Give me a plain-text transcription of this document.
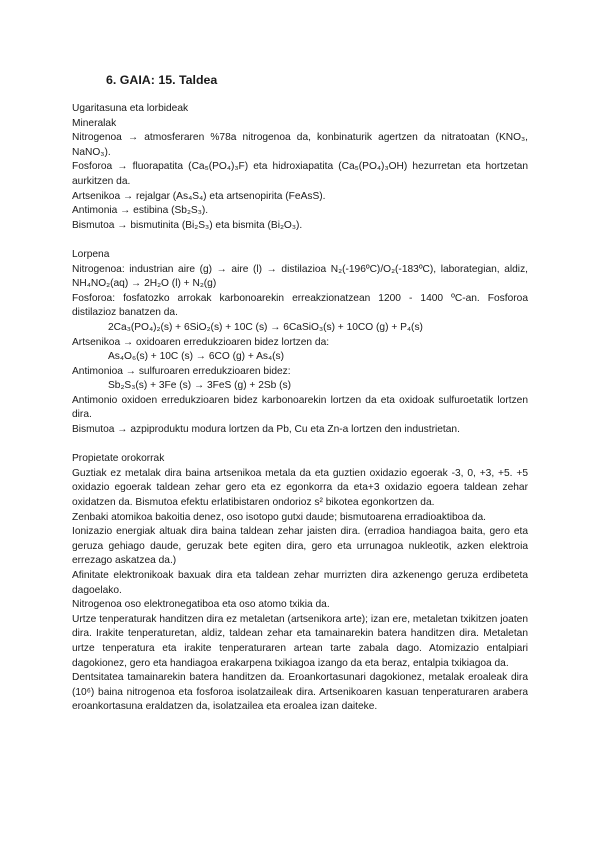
6. GAIA: 15. Taldea

Ugaritasuna eta lorbideak

Mineralak

Nitrogenoa → atmosferaren %78a nitrogenoa da, konbinaturik agertzen da nitratoatan (KNO₃, NaNO₃).

Fosforoa → fluorapatita (Ca₅(PO₄)₃F) eta hidroxiapatita (Ca₅(PO₄)₃OH) hezurretan eta hortzetan aurkitzen da.

Artsenikoa → rejalgar (As₄S₄) eta artsenopirita (FeAsS).

Antimonia → estibina (Sb₂S₃).

Bismutoa → bismutinita (Bi₂S₃) eta bismita (Bi₂O₃).

Lorpena

Nitrogenoa: industrian aire (g) → aire (l) → distilazioa N₂(-196ºC)/O₂(-183ºC), laborategian, aldiz, NH₄NO₂(aq) → 2H₂O (l) + N₂(g)

Fosforoa: fosfatozko arrokak karbonoarekin erreakzionatzean 1200 - 1400 ºC-an. Fosforoa distilazioz banatzen da.

2Ca₃(PO₄)₂(s) + 6SiO₂(s) + 10C (s) → 6CaSiO₃(s) + 10CO (g) + P₄(s)

Artsenikoa → oxidoaren erredukzioaren bidez lortzen da:

As₄O₆(s) + 10C (s) → 6CO (g) + As₄(s)

Antimonioa → sulfuroaren erredukzioaren bidez:

Sb₂S₃(s) + 3Fe (s) → 3FeS (g) + 2Sb (s)

Antimonio oxidoen erredukzioaren bidez karbonoarekin lortzen da eta oxidoak sulfuroetatik lortzen dira.

Bismutoa → azpiproduktu modura lortzen da Pb, Cu eta Zn-a lortzen den industrietan.

Propietate orokorrak

Guztiak ez metalak dira baina artsenikoa metala da eta guztien oxidazio egoerak -3, 0, +3, +5. +5 oxidazio egoerak taldean zehar gero eta ez egonkorra da eta+3 oxidazio egoera taldean zehar oxidatzen da. Bismutoa efektu erlatibistaren ondorioz s² bikotea egonkortzen da.

Zenbaki atomikoa bakoitia denez, oso isotopo gutxi daude; bismutoarena erradioaktiboa da.

Ionizazio energiak altuak dira baina taldean zehar jaisten dira. (erradioa handiagoa baita, gero eta geruza gehiago daude, geruzak bete egiten dira, gero eta urrunagoa nukleotik, azken elektroia errezago askatzea da.)

Afinitate elektronikoak baxuak dira eta taldean zehar murrizten dira azkenengo geruza erdibeteta dagoelako.

Nitrogenoa oso elektronegatiboa eta oso atomo txikia da.

Urtze tenperaturak handitzen dira ez metaletan (artsenikora arte); izan ere, metaletan txikitzen joaten dira. Irakite tenperaturetan, aldiz, taldean zehar eta tamainarekin batera handitzen dira. Metaletan urtze tenperatura eta irakite tenperaturaren artean tarte zabala dago. Atomizazio entalpiari dagokionez, gero eta handiagoa erakarpena txikiagoa izango da eta beraz, entalpia txikiagoa da.

Dentsitatea tamainarekin batera handitzen da. Eroankortasunari dagokionez, metalak eroaleak dira (10⁶) baina nitrogenoa eta fosforoa isolatzaileak dira. Artsenikoaren kasuan tenperaturaren arabera eroankortasuna eraldatzen da, isolatzailea eta eroalea izan daiteke.
